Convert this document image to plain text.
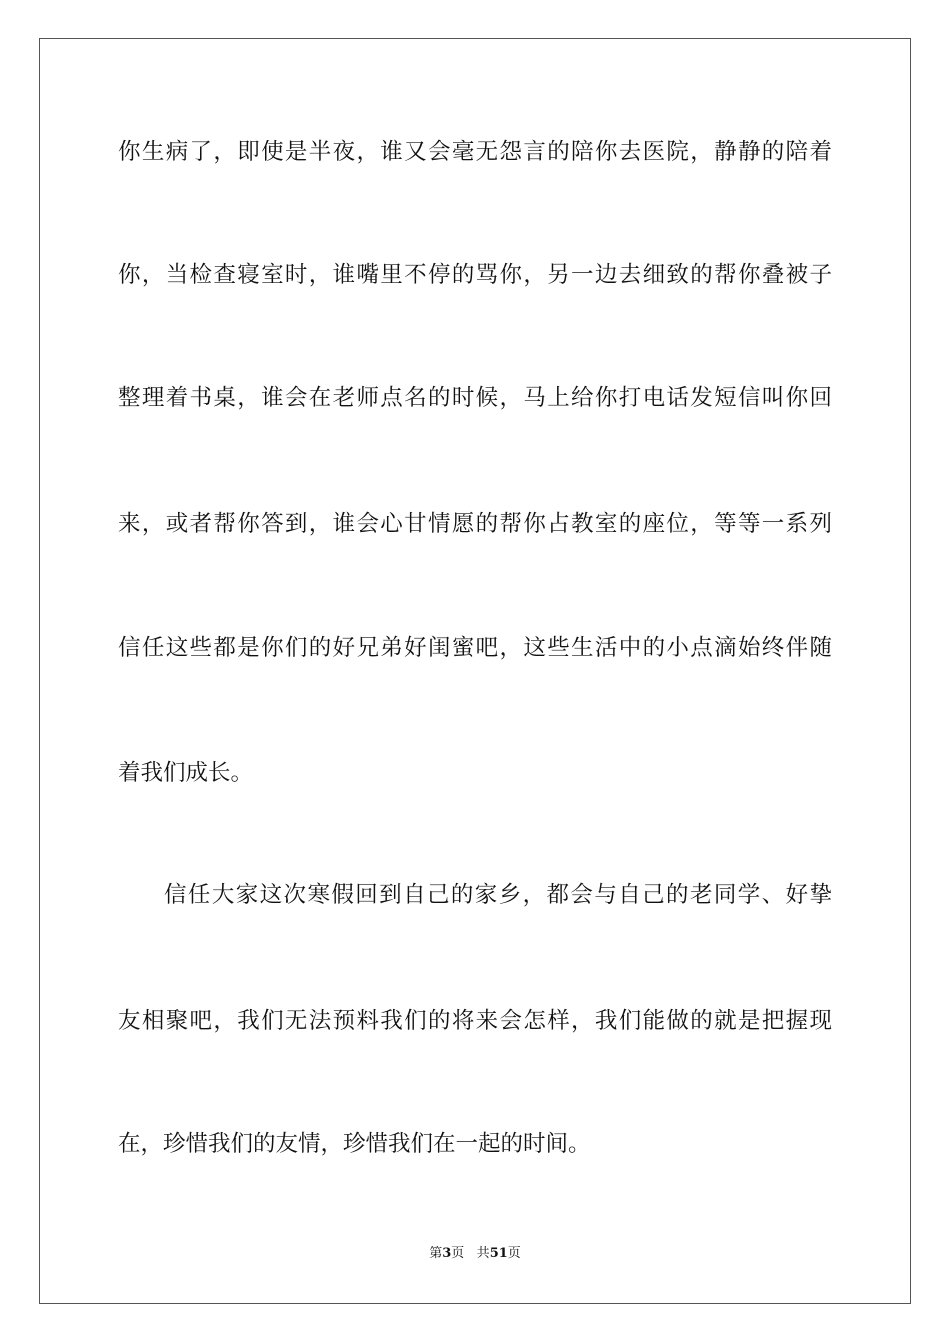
你生病了，即使是半夜，谁又会毫无怨言的陪你去医院，静静的陪着
你，当检查寝室时，谁嘴里不停的骂你，另一边去细致的帮你叠被子
整理着书桌，谁会在老师点名的时候，马上给你打电话发短信叫你回
来，或者帮你答到，谁会心甘情愿的帮你占教室的座位，等等一系列
信任这些都是你们的好兄弟好闺蜜吧，这些生活中的小点滴始终伴随
着我们成长。
信任大家这次寒假回到自己的家乡，都会与自己的老同学、好挚
友相聚吧，我们无法预料我们的将来会怎样，我们能做的就是把握现
在，珍惜我们的友情，珍惜我们在一起的时间。
第3页 共51页
